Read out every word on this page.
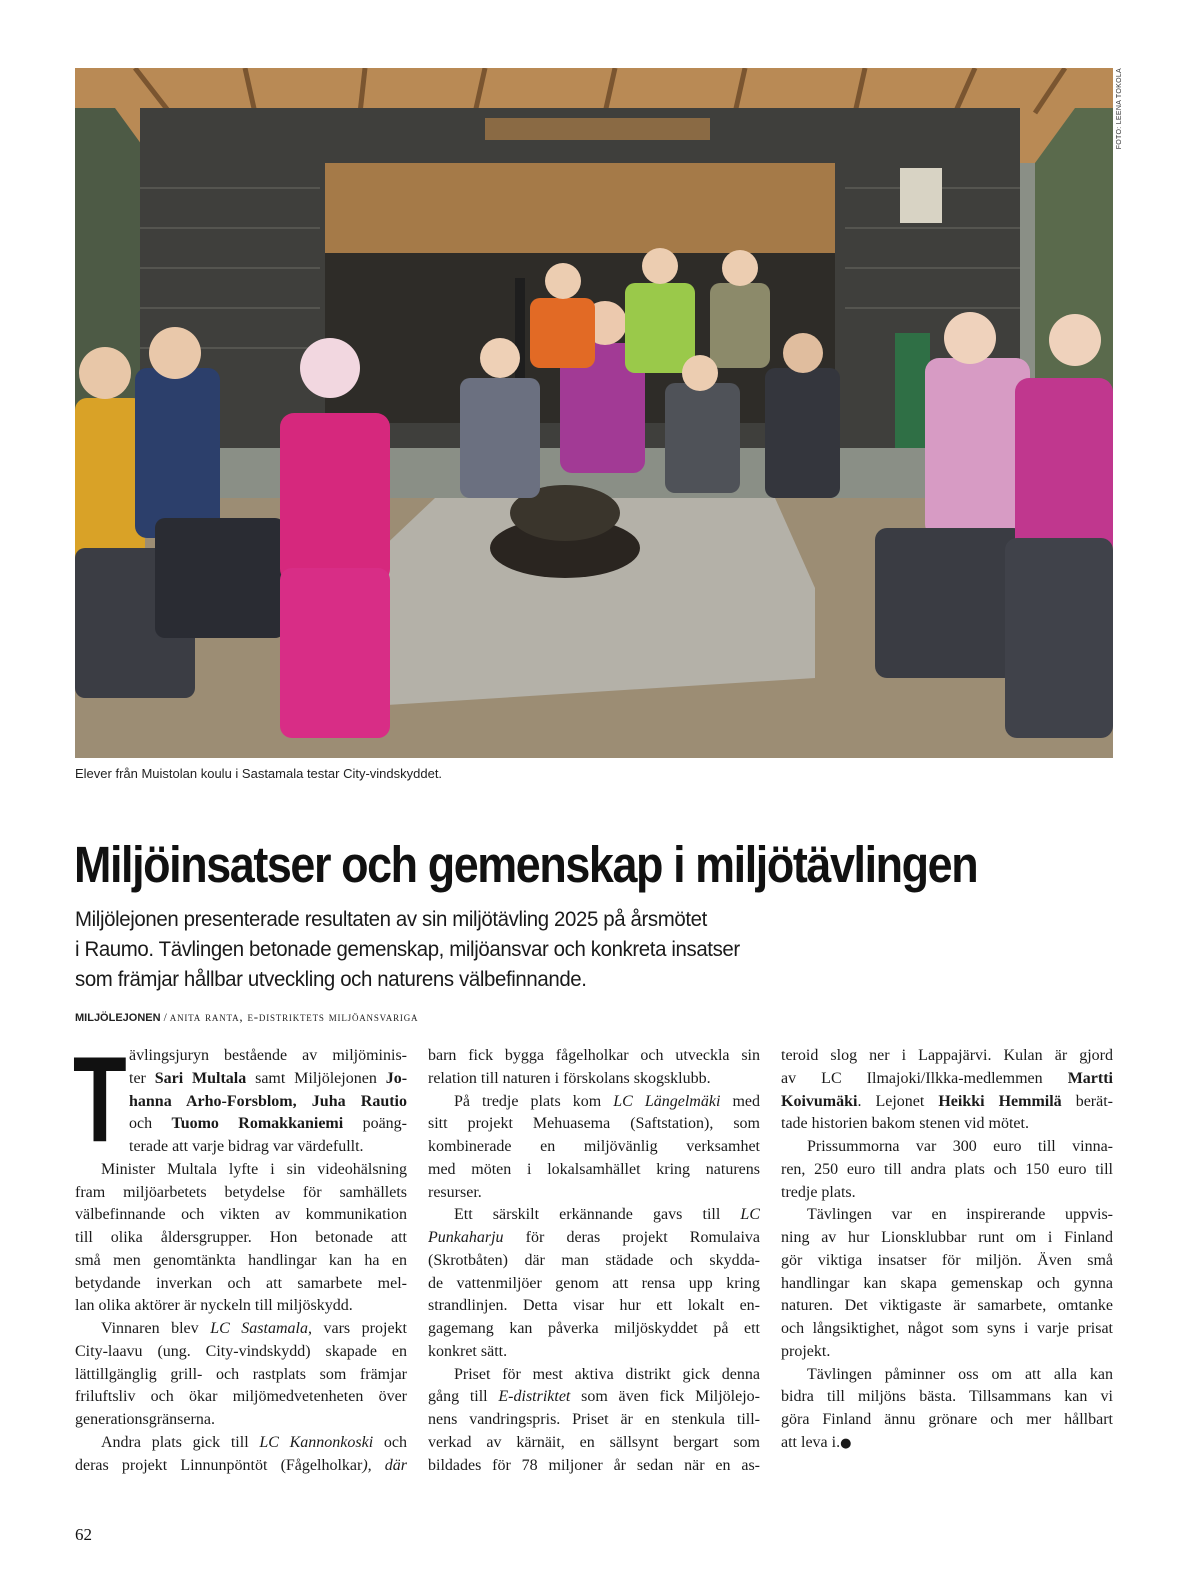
FOTO: LEENA TOKOLA
Elever från Muistolan koulu i Sastamala testar City-vindskyddet.
Miljöinsatser och gemenskap i miljötävlingen
Miljölejonen presenterade resultaten av sin miljötävling 2025 på årsmötet
i Raumo. Tävlingen betonade gemenskap, miljöansvar och konkreta insatser
som främjar hållbar utveckling och naturens välbefinnande.
MILJÖLEJONEN / anita ranta, e-distriktets miljöansvariga
T ävlingsjuryn bestående av miljöminis-
ter Sari Multala samt Miljölejonen Jo-
hanna Arho-Forsblom, Juha Rautio
och Tuomo Romakkaniemi poäng-
terade att varje bidrag var värdefullt.
Minister Multala lyfte i sin videohälsning
fram miljöarbetets betydelse för samhällets
välbefinnande och vikten av kommunikation
till olika åldersgrupper. Hon betonade att
små men genomtänkta handlingar kan ha en
betydande inverkan och att samarbete mel-
lan olika aktörer är nyckeln till miljöskydd.
Vinnaren blev LC Sastamala, vars projekt
City-laavu (ung. City-vindskydd) skapade en
lättillgänglig grill- och rastplats som främjar
friluftsliv och ökar miljömedvetenheten över
generationsgränserna.
Andra plats gick till LC Kannonkoski och
deras projekt Linnunpöntöt (Fågelholkar), där
barn fick bygga fågelholkar och utveckla sin
relation till naturen i förskolans skogsklubb.
På tredje plats kom LC Längelmäki med
sitt projekt Mehuasema (Saftstation), som
kombinerade en miljövänlig verksamhet
med möten i lokalsamhället kring naturens
resurser.
Ett särskilt erkännande gavs till LC
Punkaharju för deras projekt Romulaiva
(Skrotbåten) där man städade och skydda-
de vattenmiljöer genom att rensa upp kring
strandlinjen. Detta visar hur ett lokalt en-
gagemang kan påverka miljöskyddet på ett
konkret sätt.
Priset för mest aktiva distrikt gick denna
gång till E-distriktet som även fick Miljölejo-
nens vandringspris. Priset är en stenkula till-
verkad av kärnäit, en sällsynt bergart som
bildades för 78 miljoner år sedan när en as-
teroid slog ner i Lappajärvi. Kulan är gjord
av LC Ilmajoki/Ilkka-medlemmen Martti
Koivumäki. Lejonet Heikki Hemmilä berät-
tade historien bakom stenen vid mötet.
Prissummorna var 300 euro till vinna-
ren, 250 euro till andra plats och 150 euro till
tredje plats.
Tävlingen var en inspirerande uppvis-
ning av hur Lionsklubbar runt om i Finland
gör viktiga insatser för miljön. Även små
handlingar kan skapa gemenskap och gynna
naturen. Det viktigaste är samarbete, omtanke
och långsiktighet, något som syns i varje prisat
projekt.
Tävlingen påminner oss om att alla kan
bidra till miljöns bästa. Tillsammans kan vi
göra Finland ännu grönare och mer hållbart
att leva i.●
62
